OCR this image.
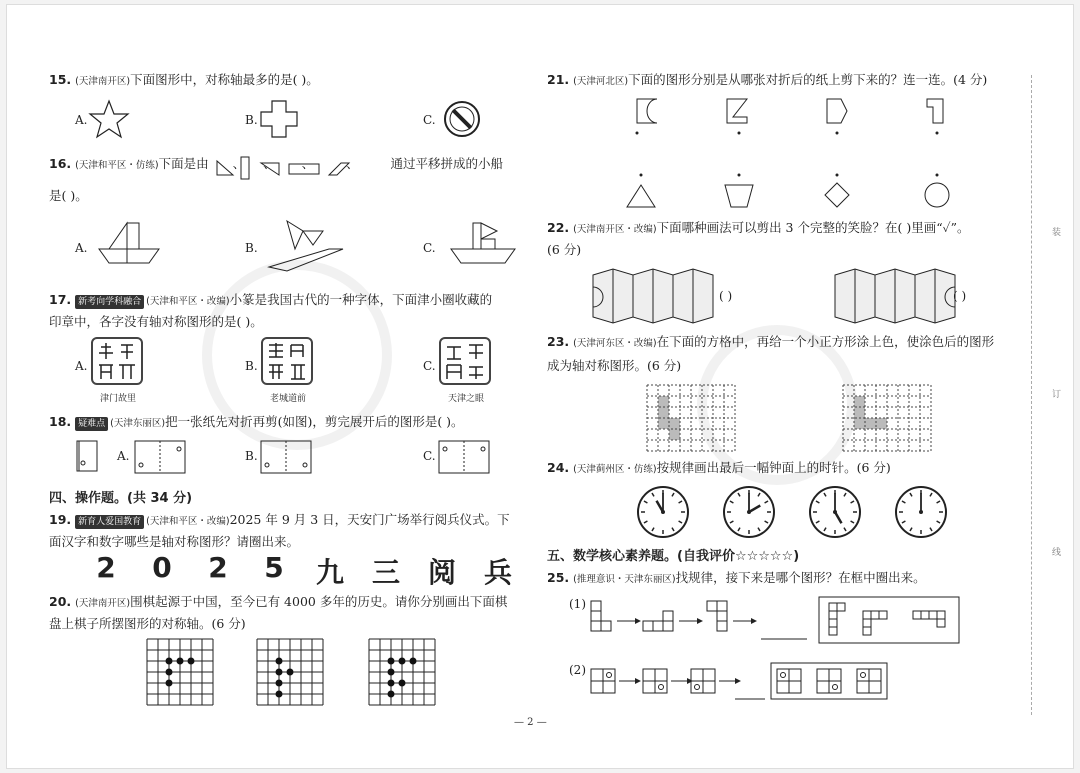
15. (天津南开区)下面图形中，对称轴最多的是( )。
A.	B.	C.
16. (天津和平区・仿练)下面是由 、 、 、	、	通过平移拼成的小船
是( )。
A.	B.	C.
17. 新考向学科融合 (天津和平区・改编)小篆是我国古代的一种字体，下面津小圈收藏的
印章中，各字没有轴对称图形的是( )。
A.
津门故里
B.
老城道前
C.
天津之眼
18. 疑难点 (天津东丽区)把一张纸先对折再剪(如图)，剪完展开后的图形是( )。
A.	B.	C.
四、操作题。(共 34 分)
19. 新育人爱国教育 (天津和平区・改编)2025 年 9 月 3 日，天安门广场举行阅兵仪式。下
面汉字和数字哪些是轴对称图形？请圈出来。
2 0 2 5 九 三 阅 兵
20. (天津南开区)围棋起源于中国，至今已有 4000 多年的历史。请你分别画出下面棋
盘上棋子所摆图形的对称轴。(6 分)
21. (天津河北区)下面的图形分别是从哪张对折后的纸上剪下来的？连一连。(4 分)
22. (天津南开区・改编)下面哪种画法可以剪出 3 个完整的笑脸？在( )里画“✓”。
(6 分)
( )	( )
23. (天津河东区・改编)在下面的方格中，再给一个小正方形涂上色，使涂色后的图形
成为轴对称图形。(6 分)
24. (天津蓟州区・仿练)按规律画出最后一幅钟面上的时针。(6 分)
五、数学核心素养题。(自我评价☆☆☆☆☆)
25. (推理意识・天津东丽区)找规律，接下来是哪个图形？在框中圈出来。
(1)
(2)
装
订
线
— 2 —
